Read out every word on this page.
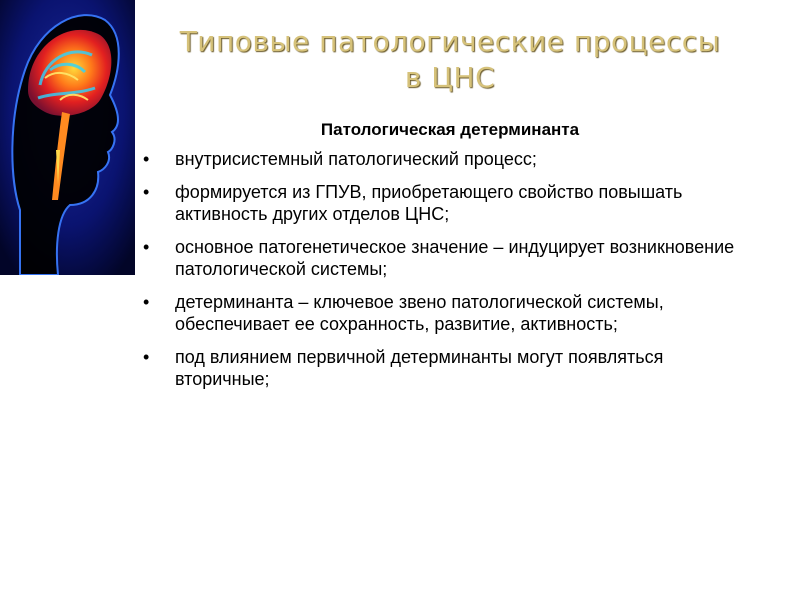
Типовые патологические процессы
в ЦНС
Патологическая детерминанта
• внутрисистемный патологический процесс;
• формируется из ГПУВ, приобретающего свойство повышать активность других отделов ЦНС;
• основное патогенетическое значение – индуцирует возникновение патологической системы;
• детерминанта – ключевое звено патологической системы, обеспечивает ее сохранность, развитие, активность;
• под влиянием первичной детерминанты могут появляться вторичные;
